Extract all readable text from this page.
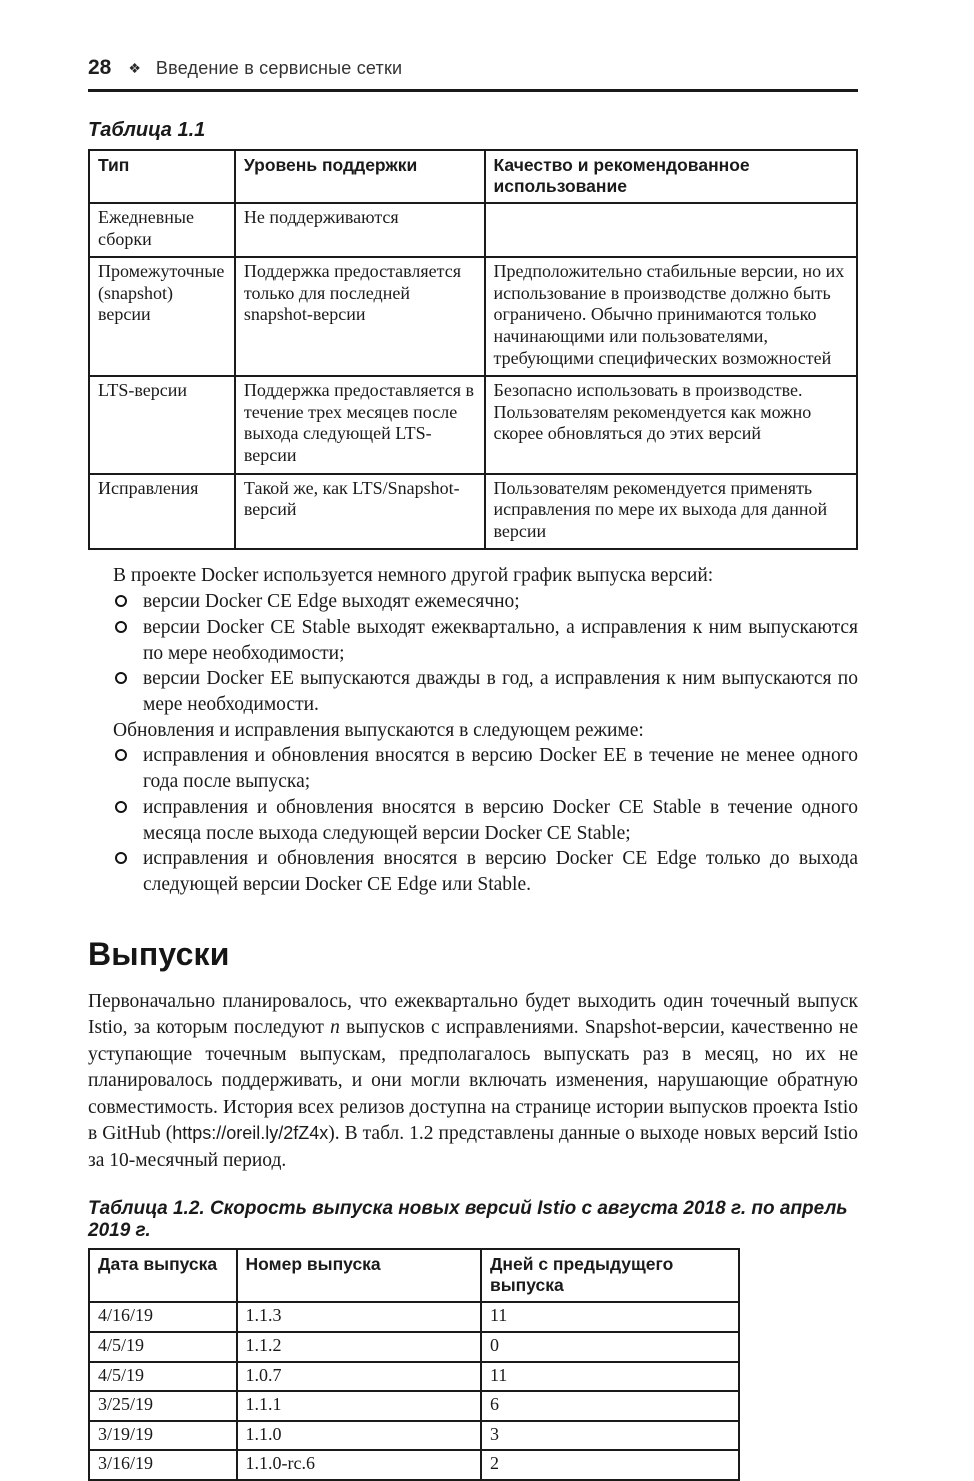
28 ❖ Введение в сервисные сетки
Таблица 1.1
Тип	Уровень поддержки	Качество и рекомендованное использование
Ежедневные сборки	Не поддерживаются	
Промежуточные (snapshot) версии	Поддержка предоставляется только для последней snapshot-версии	Предположительно стабильные версии, но их использование в производстве должно быть ограничено. Обычно принимаются только начинающими или пользователями, требующими специфических возможностей
LTS-версии	Поддержка предоставляется в течение трех месяцев после выхода следующей LTS-версии	Безопасно использовать в производстве. Пользователям рекомендуется как можно скорее обновляться до этих версий
Исправления	Такой же, как LTS/Snapshot-версий	Пользователям рекомендуется применять исправления по мере их выхода для данной версии

В проекте Docker используется немного другой график выпуска версий:

версии Docker CE Edge выходят ежемесячно;
версии Docker CE Stable выходят ежеквартально, а исправления к ним выпускаются по мере необходимости;
версии Docker EE выпускаются дважды в год, а исправления к ним выпускаются по мере необходимости.

Обновления и исправления выпускаются в следующем режиме:

исправления и обновления вносятся в версию Docker EE в течение не менее одного года после выпуска;
исправления и обновления вносятся в версию Docker CE Stable в течение одного месяца после выхода следующей версии Docker CE Stable;
исправления и обновления вносятся в версию Docker CE Edge только до выхода следующей версии Docker CE Edge или Stable.
Выпуски

Первоначально планировалось, что ежеквартально будет выходить один точечный выпуск Istio, за которым последуют n выпусков с исправлениями. Snapshot-версии, качественно не уступающие точечным выпускам, предполагалось выпускать раз в месяц, но их не планировалось поддерживать, и они могли включать изменения, нарушающие обратную совместимость. История всех релизов доступна на странице истории выпусков проекта Istio в GitHub (https://oreil.ly/2fZ4x). В табл. 1.2 представлены данные о выходе новых версий Istio за 10-месячный период.

Таблица 1.2. Скорость выпуска новых версий Istio с августа 2018 г. по апрель 2019 г.
Дата выпуска	Номер выпуска	Дней с предыдущего выпуска
4/16/19	1.1.3	11
4/5/19	1.1.2	0
4/5/19	1.0.7	11
3/25/19	1.1.1	6
3/19/19	1.1.0	3
3/16/19	1.1.0-rc.6	2
